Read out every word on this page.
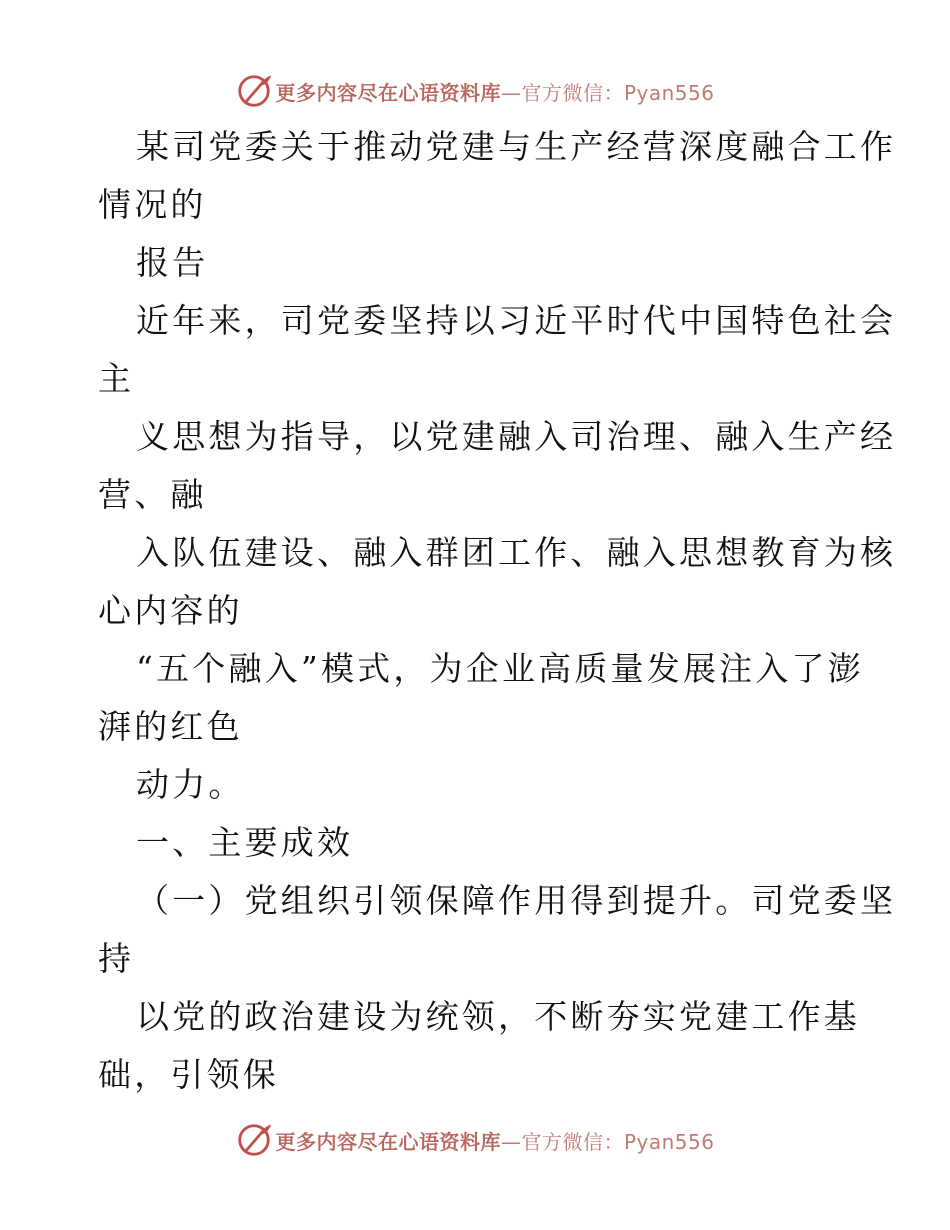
更多内容尽在心语资料库—官方微信：Pyan556
某司党委关于推动党建与生产经营深度融合工作
情况的
报告
近年来，司党委坚持以习近平时代中国特色社会
主
义思想为指导，以党建融入司治理、融入生产经
营、融
入队伍建设、融入群团工作、融入思想教育为核
心内容的
“五个融入”模式，为企业高质量发展注入了澎
湃的红色
动力。
一、主要成效
（一）党组织引领保障作用得到提升。司党委坚
持
以党的政治建设为统领，不断夯实党建工作基
础，引领保
更多内容尽在心语资料库—官方微信：Pyan556
